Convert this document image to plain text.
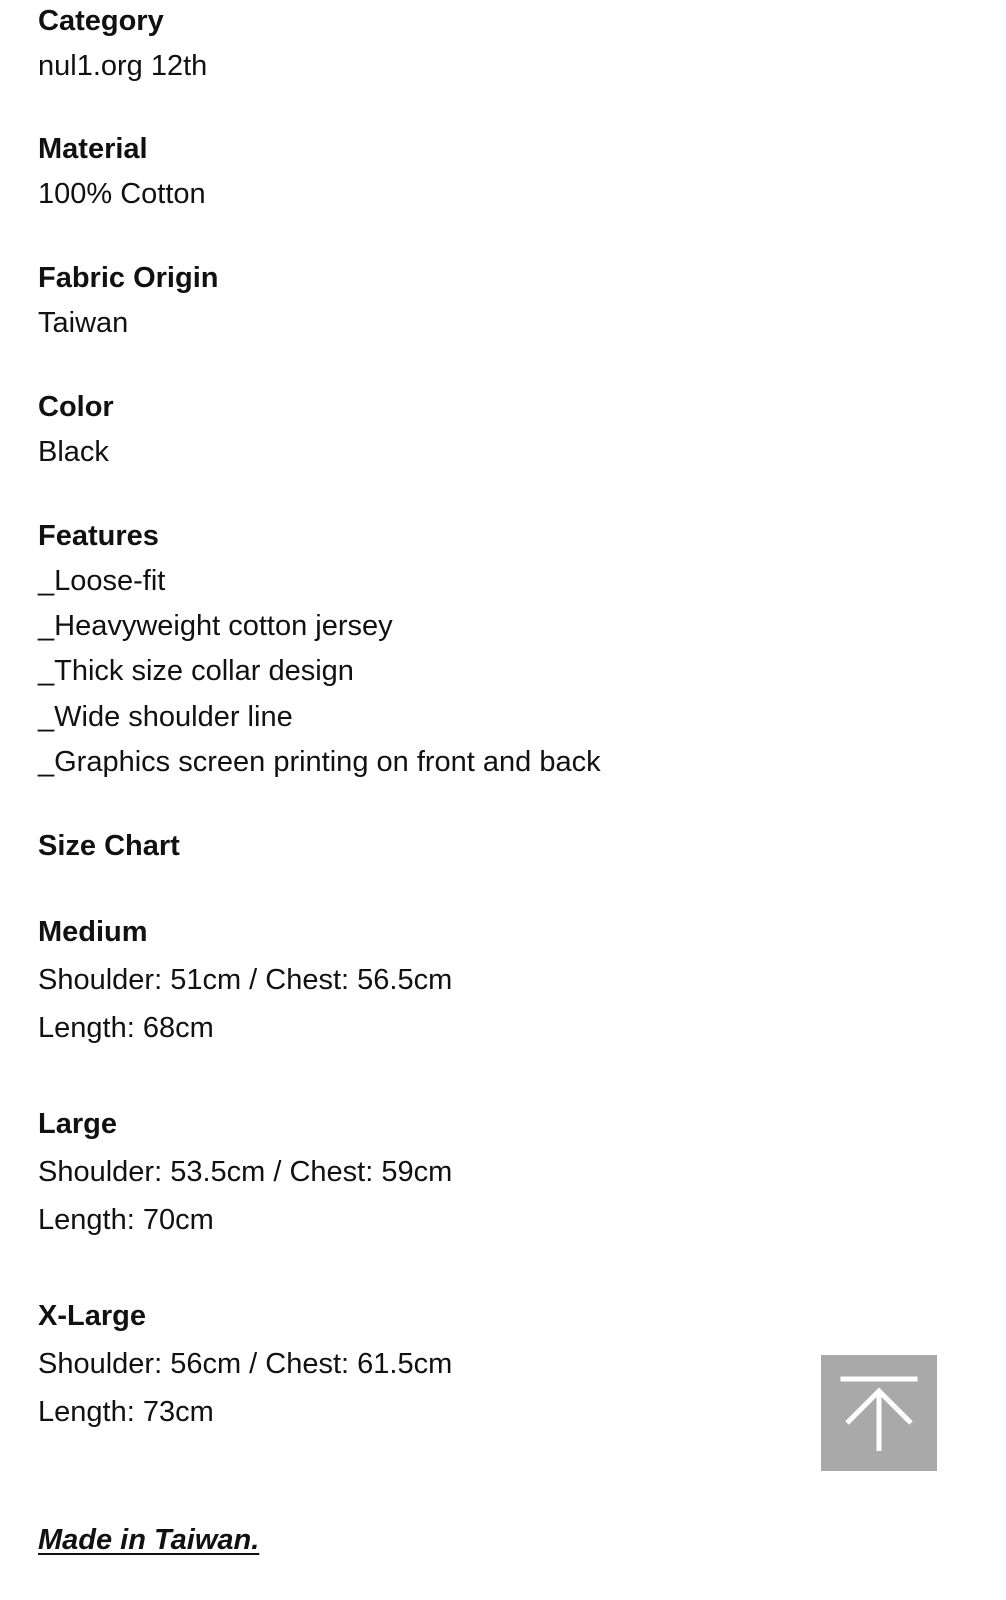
Category
nul1.org 12th
Material
100% Cotton
Fabric Origin
Taiwan
Color
Black
Features
_Loose-fit
_Heavyweight cotton jersey
_Thick size collar design
_Wide shoulder line
_Graphics screen printing on front and back
Size Chart
Medium
Shoulder: 51cm / Chest: 56.5cm
Length: 68cm
Large
Shoulder: 53.5cm / Chest: 59cm
Length: 70cm
X-Large
Shoulder: 56cm / Chest: 61.5cm
Length: 73cm
Made in Taiwan.
